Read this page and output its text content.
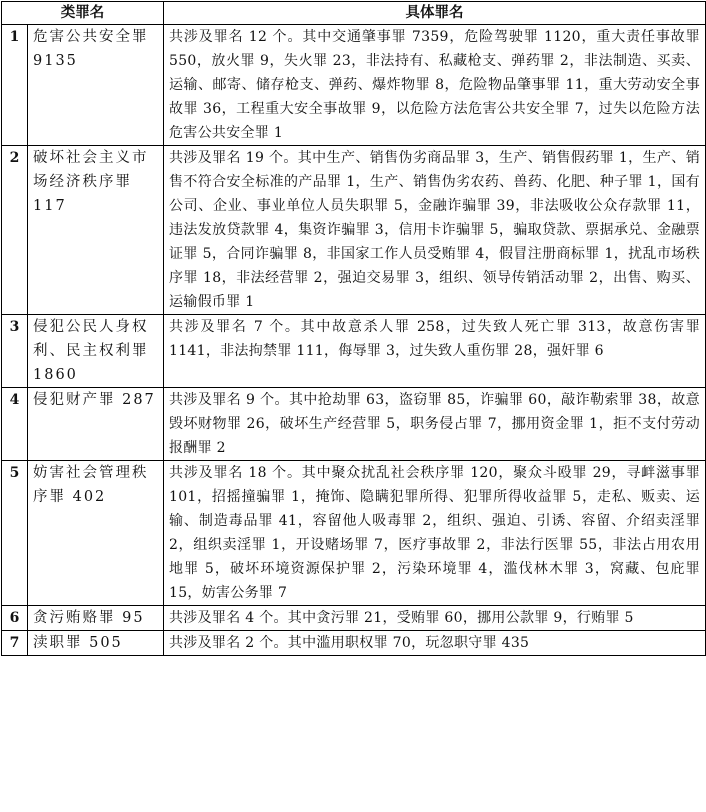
类罪名		具体罪名
1	危害公共安全罪 9135	共涉及罪名 12 个。其中交通肇事罪 7359，危险驾驶罪 1120，重大责任事故罪 550，放火罪 9，失火罪 23，非法持有、私藏枪支、弹药罪 2，非法制造、买卖、运输、邮寄、储存枪支、弹药、爆炸物罪 8，危险物品肇事罪 11，重大劳动安全事故罪 36，工程重大安全事故罪 9，以危险方法危害公共安全罪 7，过失以危险方法危害公共安全罪 1
2	破坏社会主义市场经济秩序罪 117	共涉及罪名 19 个。其中生产、销售伪劣商品罪 3，生产、销售假药罪 1，生产、销售不符合安全标准的产品罪 1，生产、销售伪劣农药、兽药、化肥、种子罪 1，国有公司、企业、事业单位人员失职罪 5，金融诈骗罪 39，非法吸收公众存款罪 11，违法发放贷款罪 4，集资诈骗罪 3，信用卡诈骗罪 5，骗取贷款、票据承兑、金融票证罪 5，合同诈骗罪 8，非国家工作人员受贿罪 4，假冒注册商标罪 1，扰乱市场秩序罪 18，非法经营罪 2，强迫交易罪 3，组织、领导传销活动罪 2，出售、购买、运输假币罪 1
3	侵犯公民人身权利、民主权利罪 1860	共涉及罪名 7 个。其中故意杀人罪 258，过失致人死亡罪 313，故意伤害罪 1141，非法拘禁罪 111，侮辱罪 3，过失致人重伤罪 28，强奸罪 6
4	侵犯财产罪 287	共涉及罪名 9 个。其中抢劫罪 63，盗窃罪 85，诈骗罪 60，敲诈勒索罪 38，故意毁坏财物罪 26，破坏生产经营罪 5，职务侵占罪 7，挪用资金罪 1，拒不支付劳动报酬罪 2
5	妨害社会管理秩序罪 402	共涉及罪名 18 个。其中聚众扰乱社会秩序罪 120，聚众斗殴罪 29，寻衅滋事罪 101，招摇撞骗罪 1，掩饰、隐瞒犯罪所得、犯罪所得收益罪 5，走私、贩卖、运输、制造毒品罪 41，容留他人吸毒罪 2，组织、强迫、引诱、容留、介绍卖淫罪 2，组织卖淫罪 1，开设赌场罪 7，医疗事故罪 2，非法行医罪 55，非法占用农用地罪 5，破坏环境资源保护罪 2，污染环境罪 4，滥伐林木罪 3，窝藏、包庇罪 15，妨害公务罪 7
6	贪污贿赂罪 95	共涉及罪名 4 个。其中贪污罪 21，受贿罪 60，挪用公款罪 9，行贿罪 5
7	渎职罪 505	共涉及罪名 2 个。其中滥用职权罪 70，玩忽职守罪 435
